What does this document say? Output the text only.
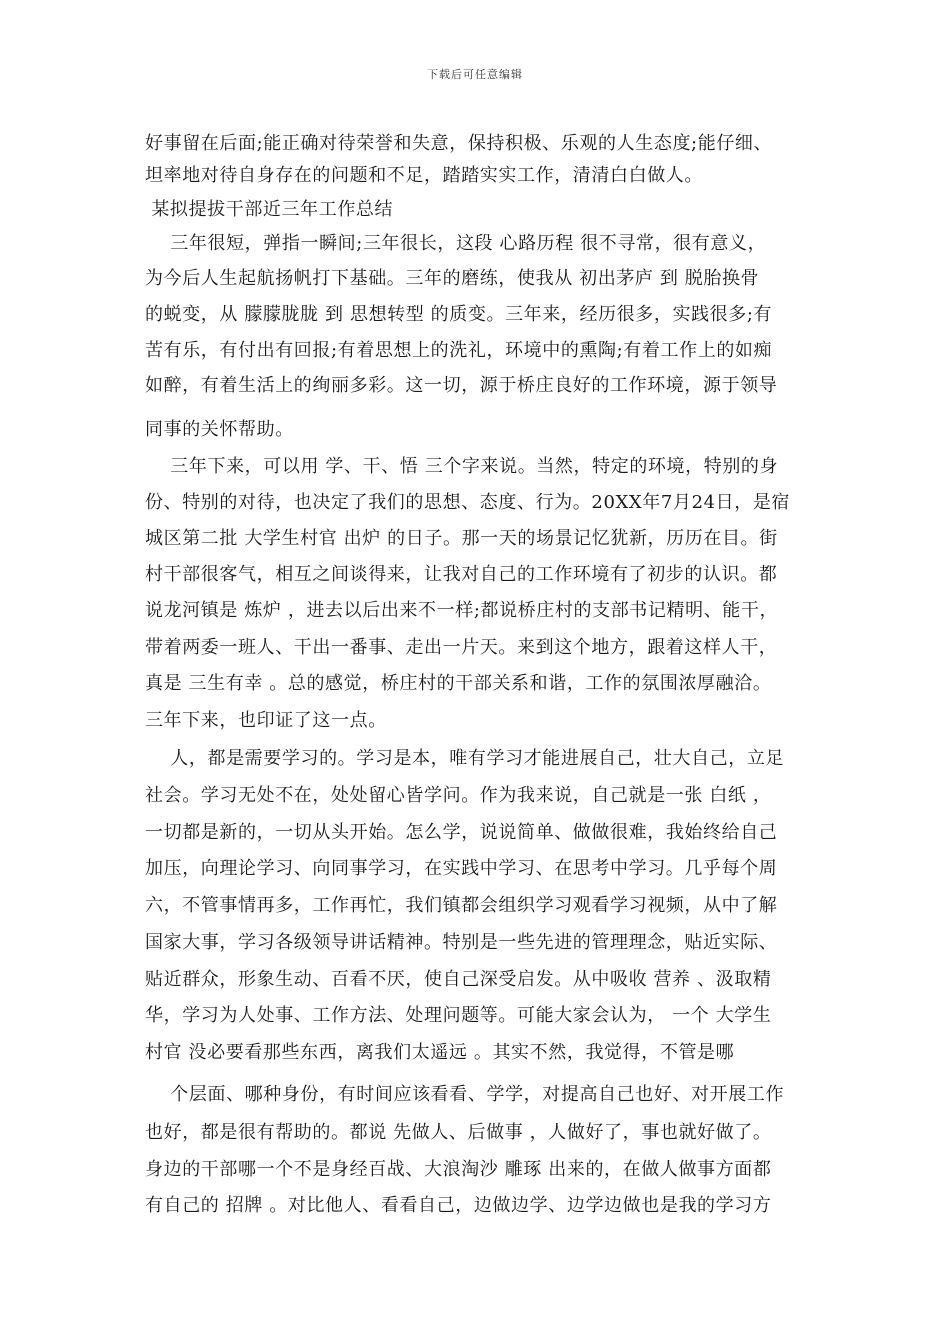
下载后可任意编辑
好事留在后面;能正确对待荣誉和失意，保持积极、乐观的人生态度;能仔细、
坦率地对待自身存在的问题和不足，踏踏实实工作，清清白白做人。
某拟提拔干部近三年工作总结
三年很短，弹指一瞬间;三年很长，这段 心路历程 很不寻常，很有意义，
为今后人生起航扬帆打下基础。三年的磨练，使我从 初出茅庐 到 脱胎换骨
的蜕变，从 朦朦胧胧 到 思想转型 的质变。三年来，经历很多，实践很多;有
苦有乐，有付出有回报;有着思想上的洗礼，环境中的熏陶;有着工作上的如痴
如醉，有着生活上的绚丽多彩。这一切，源于桥庄良好的工作环境，源于领导
同事的关怀帮助。
三年下来，可以用 学、干、悟 三个字来说。当然，特定的环境，特别的身
份、特别的对待，也决定了我们的思想、态度、行为。20XX年7月24日，是宿
城区第二批 大学生村官 出炉 的日子。那一天的场景记忆犹新，历历在目。街
村干部很客气，相互之间谈得来，让我对自己的工作环境有了初步的认识。都
说龙河镇是 炼炉 ，进去以后出来不一样;都说桥庄村的支部书记精明、能干，
带着两委一班人、干出一番事、走出一片天。来到这个地方，跟着这样人干，
真是 三生有幸 。总的感觉，桥庄村的干部关系和谐，工作的氛围浓厚融洽。
三年下来，也印证了这一点。
人，都是需要学习的。学习是本，唯有学习才能进展自己，壮大自己，立足
社会。学习无处不在，处处留心皆学问。作为我来说，自己就是一张 白纸 ，
一切都是新的，一切从头开始。怎么学，说说简单、做做很难，我始终给自己
加压，向理论学习、向同事学习，在实践中学习、在思考中学习。几乎每个周
六，不管事情再多，工作再忙，我们镇都会组织学习观看学习视频，从中了解
国家大事，学习各级领导讲话精神。特别是一些先进的管理理念，贴近实际、
贴近群众，形象生动、百看不厌，使自己深受启发。从中吸收 营养 、汲取精
华，学习为人处事、工作方法、处理问题等。可能大家会认为， 一个 大学生
村官 没必要看那些东西，离我们太遥远 。其实不然，我觉得，不管是哪
个层面、哪种身份，有时间应该看看、学学，对提高自己也好、对开展工作
也好，都是很有帮助的。都说 先做人、后做事 ，人做好了，事也就好做了。
身边的干部哪一个不是身经百战、大浪淘沙 雕琢 出来的，在做人做事方面都
有自己的 招牌 。对比他人、看看自己，边做边学、边学边做也是我的学习方
